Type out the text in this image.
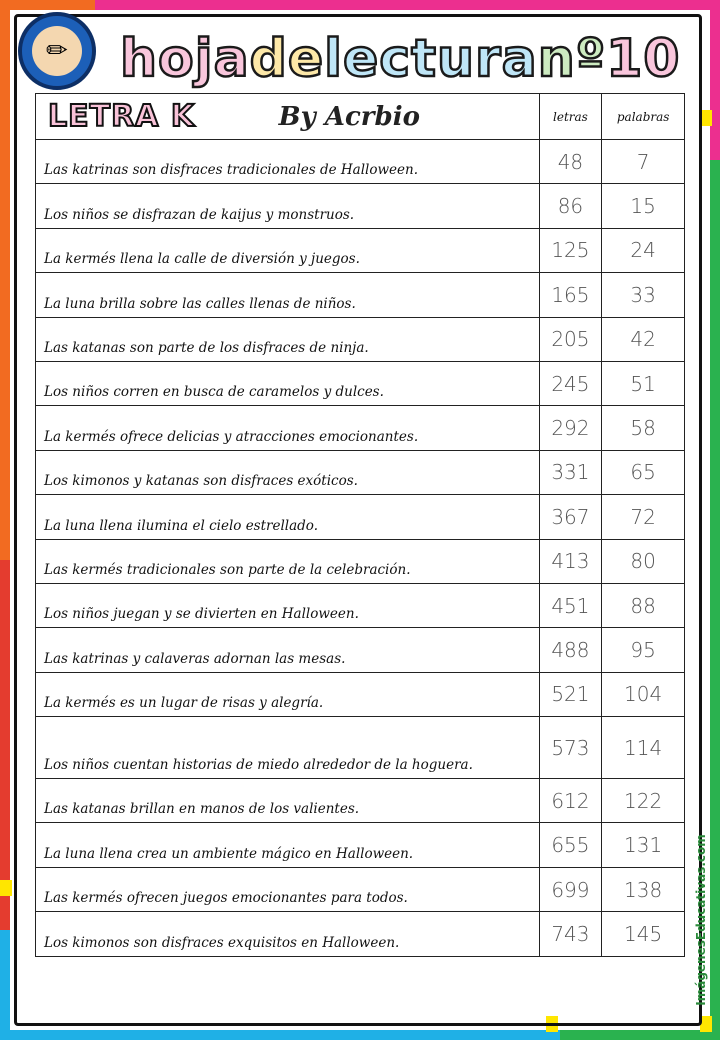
✏ hoja de lectura nº 10
LETRA K By Acrbio	letras	palabras
Las katrinas son disfraces tradicionales de Halloween.	48	7
Los niños se disfrazan de kaijus y monstruos.	86	15
La kermés llena la calle de diversión y juegos.	125	24
La luna brilla sobre las calles llenas de niños.	165	33
Las katanas son parte de los disfraces de ninja.	205	42
Los niños corren en busca de caramelos y dulces.	245	51
La kermés ofrece delicias y atracciones emocionantes.	292	58
Los kimonos y katanas son disfraces exóticos.	331	65
La luna llena ilumina el cielo estrellado.	367	72
Las kermés tradicionales son parte de la celebración.	413	80
Los niños juegan y se divierten en Halloween.	451	88
Las katrinas y calaveras adornan las mesas.	488	95
La kermés es un lugar de risas y alegría.	521	104
Los niños cuentan historias de miedo alrededor de la hoguera.	573	114
Las katanas brillan en manos de los valientes.	612	122
La luna llena crea un ambiente mágico en Halloween.	655	131
Las kermés ofrecen juegos emocionantes para todos.	699	138
Los kimonos son disfraces exquisitos en Halloween.	743	145	ImágenesEducativas.com
